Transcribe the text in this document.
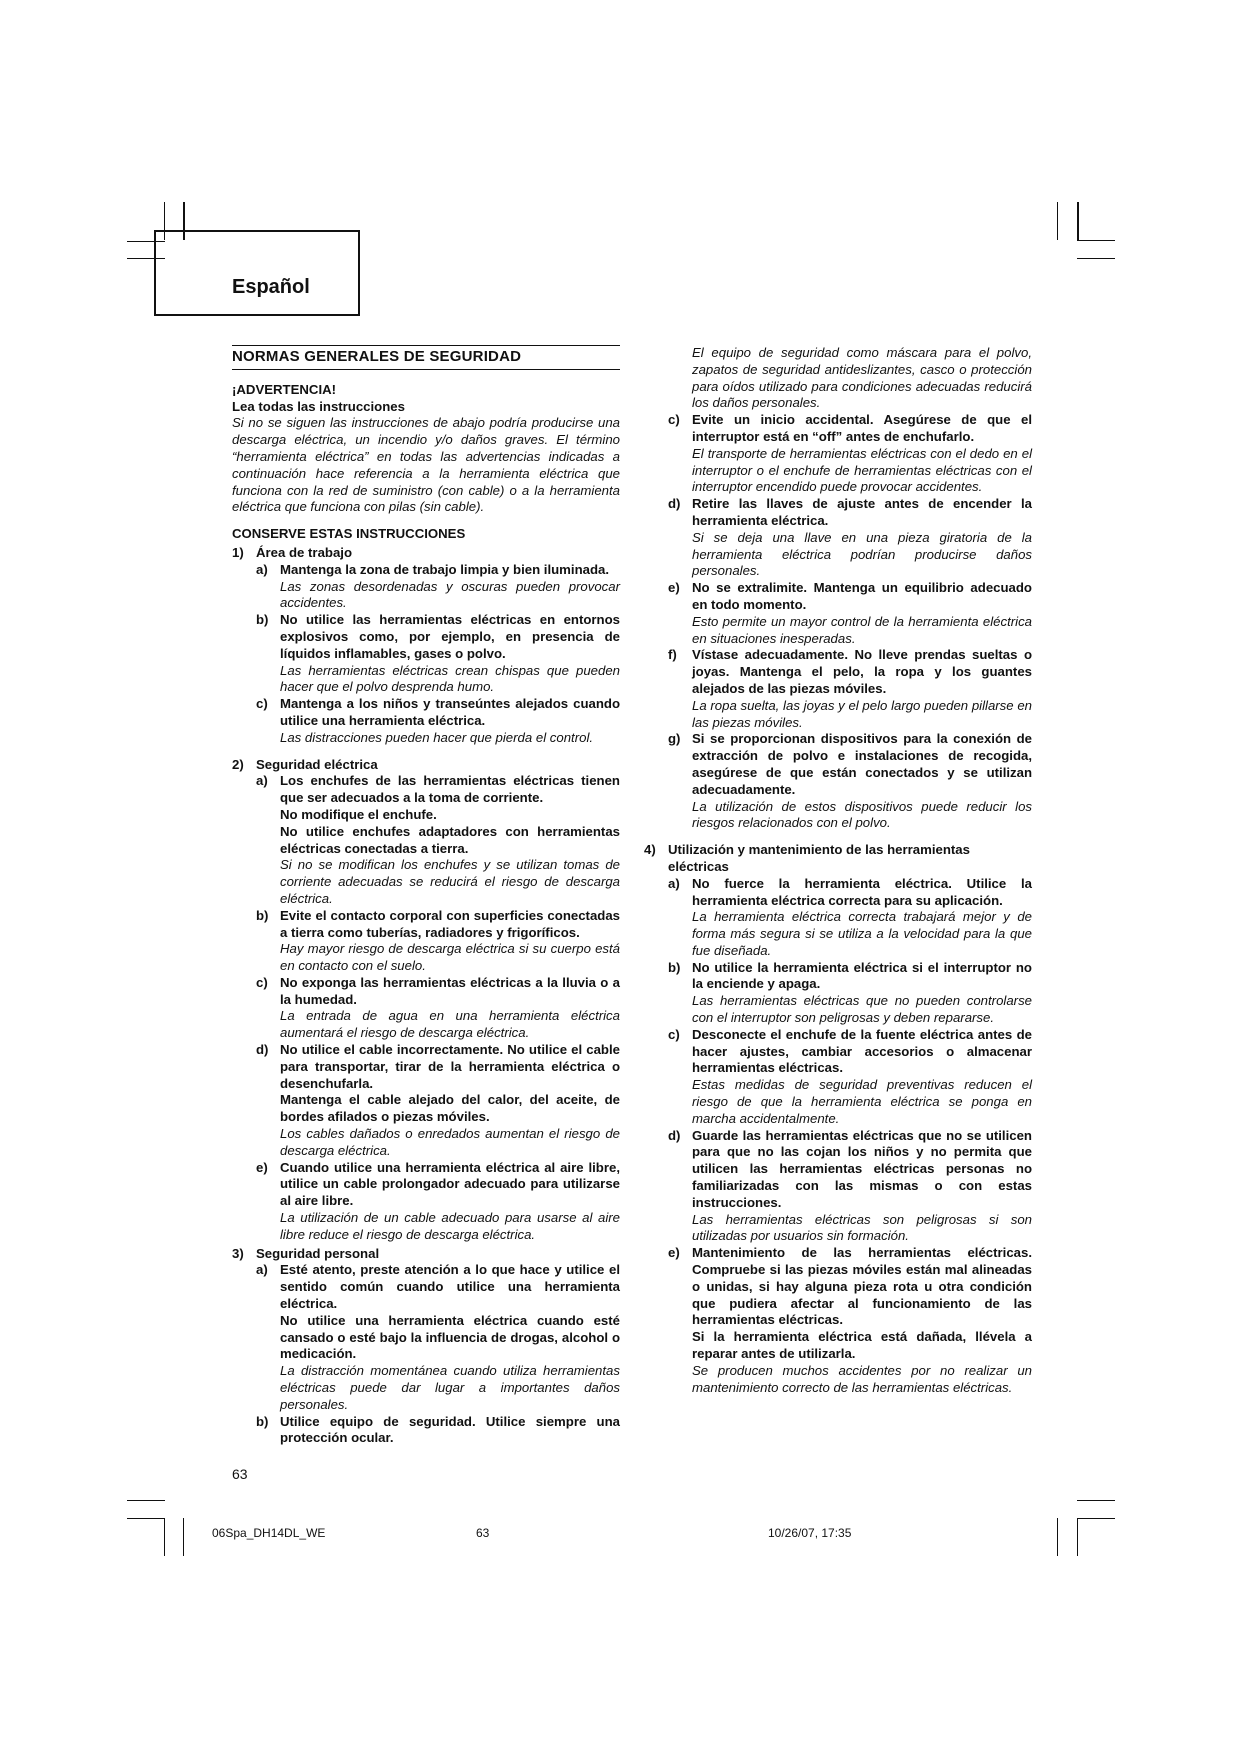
Español
NORMAS GENERALES DE SEGURIDAD
¡ADVERTENCIA!
Lea todas las instrucciones
Si no se siguen las instrucciones de abajo podría producirse una descarga eléctrica, un incendio y/o daños graves. El término “herramienta eléctrica” en todas las advertencias indicadas a continuación hace referencia a la herramienta eléctrica que funciona con la red de suministro (con cable) o a la herramienta eléctrica que funciona con pilas (sin cable).
CONSERVE ESTAS INSTRUCCIONES
1) Área de trabajo
a) Mantenga la zona de trabajo limpia y bien iluminada.
Las zonas desordenadas y oscuras pueden provocar accidentes.
b) No utilice las herramientas eléctricas en entornos explosivos como, por ejemplo, en presencia de líquidos inflamables, gases o polvo.
Las herramientas eléctricas crean chispas que pueden hacer que el polvo desprenda humo.
c) Mantenga a los niños y transeúntes alejados cuando utilice una herramienta eléctrica.
Las distracciones pueden hacer que pierda el control.
2) Seguridad eléctrica
a) Los enchufes de las herramientas eléctricas tienen que ser adecuados a la toma de corriente.
No modifique el enchufe.
No utilice enchufes adaptadores con herramientas eléctricas conectadas a tierra.
Si no se modifican los enchufes y se utilizan tomas de corriente adecuadas se reducirá el riesgo de descarga eléctrica.
b) Evite el contacto corporal con superficies conectadas a tierra como tuberías, radiadores y frigoríficos.
Hay mayor riesgo de descarga eléctrica si su cuerpo está en contacto con el suelo.
c) No exponga las herramientas eléctricas a la lluvia o a la humedad.
La entrada de agua en una herramienta eléctrica aumentará el riesgo de descarga eléctrica.
d) No utilice el cable incorrectamente. No utilice el cable para transportar, tirar de la herramienta eléctrica o desenchufarla.
Mantenga el cable alejado del calor, del aceite, de bordes afilados o piezas móviles.
Los cables dañados o enredados aumentan el riesgo de descarga eléctrica.
e) Cuando utilice una herramienta eléctrica al aire libre, utilice un cable prolongador adecuado para utilizarse al aire libre.
La utilización de un cable adecuado para usarse al aire libre reduce el riesgo de descarga eléctrica.
3) Seguridad personal
a) Esté atento, preste atención a lo que hace y utilice el sentido común cuando utilice una herramienta eléctrica.
No utilice una herramienta eléctrica cuando esté cansado o esté bajo la influencia de drogas, alcohol o medicación.
La distracción momentánea cuando utiliza herramientas eléctricas puede dar lugar a importantes daños personales.
b) Utilice equipo de seguridad. Utilice siempre una protección ocular.
El equipo de seguridad como máscara para el polvo, zapatos de seguridad antideslizantes, casco o protección para oídos utilizado para condiciones adecuadas reducirá los daños personales.
c) Evite un inicio accidental. Asegúrese de que el interruptor está en “off” antes de enchufarlo.
El transporte de herramientas eléctricas con el dedo en el interruptor o el enchufe de herramientas eléctricas con el interruptor encendido puede provocar accidentes.
d) Retire las llaves de ajuste antes de encender la herramienta eléctrica.
Si se deja una llave en una pieza giratoria de la herramienta eléctrica podrían producirse daños personales.
e) No se extralimite. Mantenga un equilibrio adecuado en todo momento.
Esto permite un mayor control de la herramienta eléctrica en situaciones inesperadas.
f)	Vístase adecuadamente. No lleve prendas sueltas o joyas. Mantenga el pelo, la ropa y los guantes alejados de las piezas móviles.
La ropa suelta, las joyas y el pelo largo pueden pillarse en las piezas móviles.
g) Si se proporcionan dispositivos para la conexión de extracción de polvo e instalaciones de recogida, asegúrese de que están conectados y se utilizan adecuadamente.
La utilización de estos dispositivos puede reducir los riesgos relacionados con el polvo.
4) Utilización y mantenimiento de las herramientas eléctricas
a) No fuerce la herramienta eléctrica. Utilice la herramienta eléctrica correcta para su aplicación.
La herramienta eléctrica correcta trabajará mejor y de forma más segura si se utiliza a la velocidad para la que fue diseñada.
b) No utilice la herramienta eléctrica si el interruptor no la enciende y apaga.
Las herramientas eléctricas que no pueden controlarse con el interruptor son peligrosas y deben repararse.
c) Desconecte el enchufe de la fuente eléctrica antes de hacer ajustes, cambiar accesorios o almacenar herramientas eléctricas.
Estas medidas de seguridad preventivas reducen el riesgo de que la herramienta eléctrica se ponga en marcha accidentalmente.
d) Guarde las herramientas eléctricas que no se utilicen para que no las cojan los niños y no permita que utilicen las herramientas eléctricas personas no familiarizadas con las mismas o con estas instrucciones.
Las herramientas eléctricas son peligrosas si son utilizadas por usuarios sin formación.
e) Mantenimiento de las herramientas eléctricas. Compruebe si las piezas móviles están mal alineadas o unidas, si hay alguna pieza rota u otra condición que pudiera afectar al funcionamiento de las herramientas eléctricas.
Si la herramienta eléctrica está dañada, llévela a reparar antes de utilizarla.
Se producen muchos accidentes por no realizar un mantenimiento correcto de las herramientas eléctricas.
63
06Spa_DH14DL_WE	63	10/26/07, 17:35
